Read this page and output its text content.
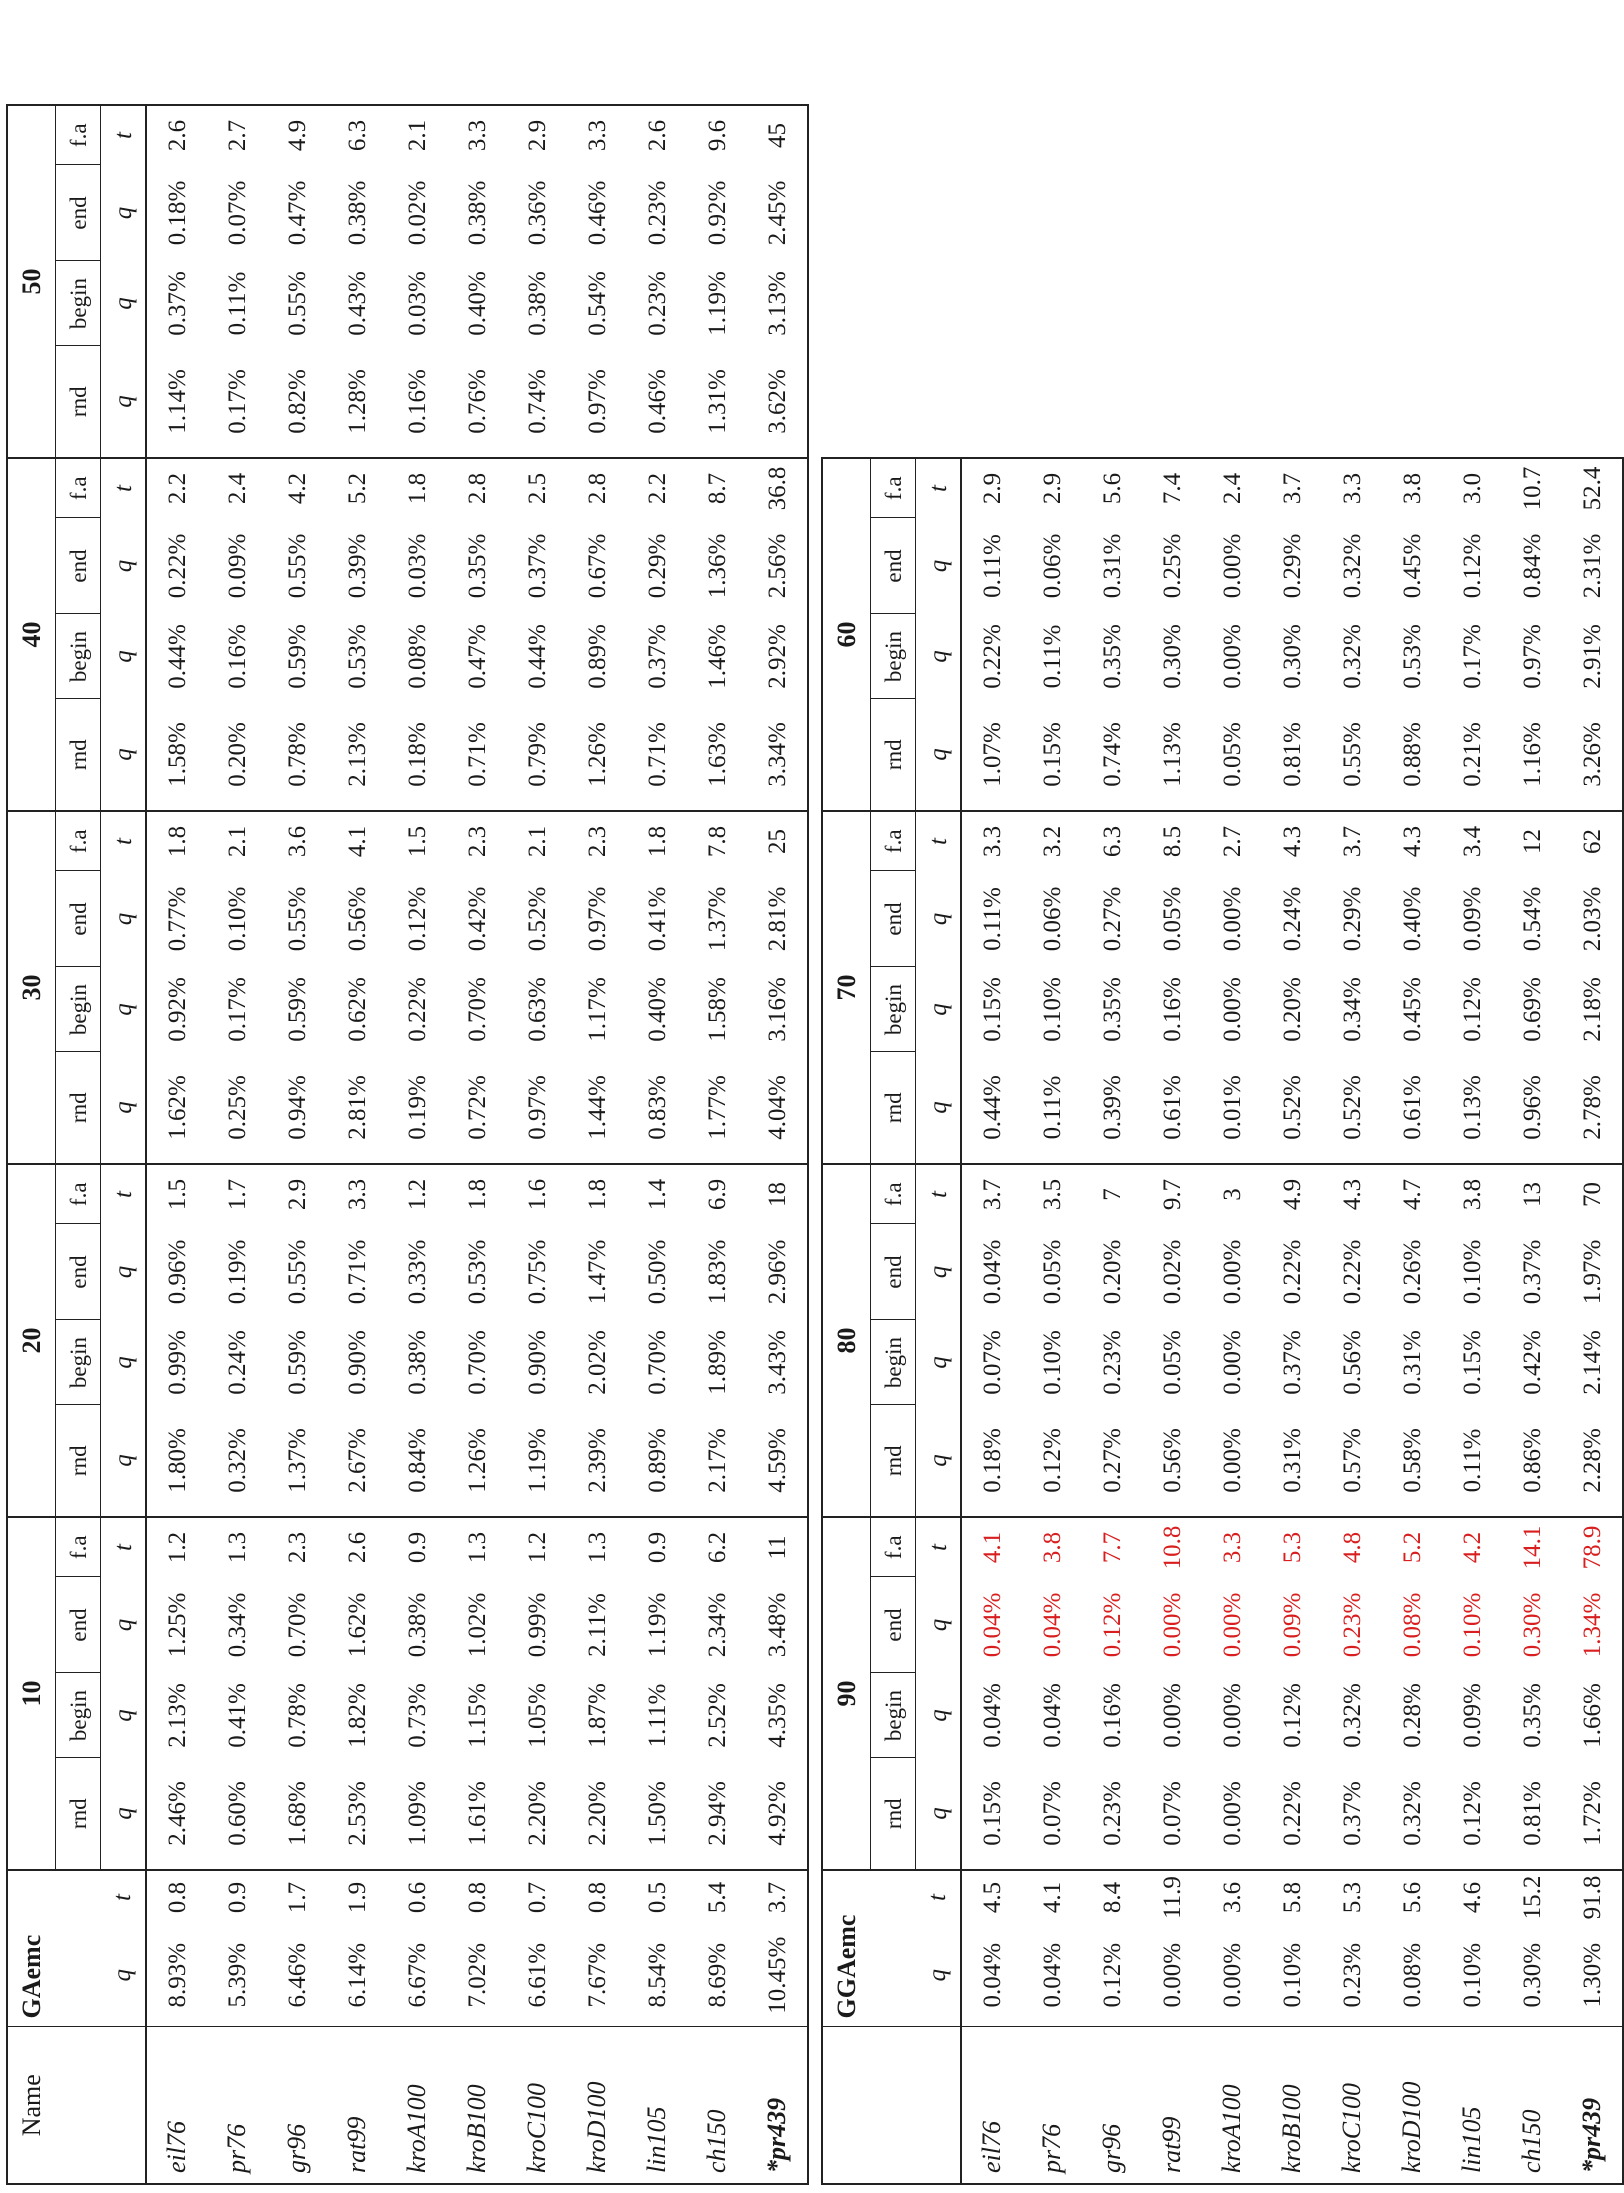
Name	GAemc		10				20				30				40				50			
			rnd	begin	end	f.a	rnd	begin	end	f.a	rnd	begin	end	f.a	rnd	begin	end	f.a	rnd	begin	end	f.a
	q	t	q	q	q	t	q	q	q	t	q	q	q	t	q	q	q	t	q	q	q	t
eil76	8.93%	0.8	2.46%	2.13%	1.25%	1.2	1.80%	0.99%	0.96%	1.5	1.62%	0.92%	0.77%	1.8	1.58%	0.44%	0.22%	2.2	1.14%	0.37%	0.18%	2.6
pr76	5.39%	0.9	0.60%	0.41%	0.34%	1.3	0.32%	0.24%	0.19%	1.7	0.25%	0.17%	0.10%	2.1	0.20%	0.16%	0.09%	2.4	0.17%	0.11%	0.07%	2.7
gr96	6.46%	1.7	1.68%	0.78%	0.70%	2.3	1.37%	0.59%	0.55%	2.9	0.94%	0.59%	0.55%	3.6	0.78%	0.59%	0.55%	4.2	0.82%	0.55%	0.47%	4.9
rat99	6.14%	1.9	2.53%	1.82%	1.62%	2.6	2.67%	0.90%	0.71%	3.3	2.81%	0.62%	0.56%	4.1	2.13%	0.53%	0.39%	5.2	1.28%	0.43%	0.38%	6.3
kroA100	6.67%	0.6	1.09%	0.73%	0.38%	0.9	0.84%	0.38%	0.33%	1.2	0.19%	0.22%	0.12%	1.5	0.18%	0.08%	0.03%	1.8	0.16%	0.03%	0.02%	2.1
kroB100	7.02%	0.8	1.61%	1.15%	1.02%	1.3	1.26%	0.70%	0.53%	1.8	0.72%	0.70%	0.42%	2.3	0.71%	0.47%	0.35%	2.8	0.76%	0.40%	0.38%	3.3
kroC100	6.61%	0.7	2.20%	1.05%	0.99%	1.2	1.19%	0.90%	0.75%	1.6	0.97%	0.63%	0.52%	2.1	0.79%	0.44%	0.37%	2.5	0.74%	0.38%	0.36%	2.9
kroD100	7.67%	0.8	2.20%	1.87%	2.11%	1.3	2.39%	2.02%	1.47%	1.8	1.44%	1.17%	0.97%	2.3	1.26%	0.89%	0.67%	2.8	0.97%	0.54%	0.46%	3.3
lin105	8.54%	0.5	1.50%	1.11%	1.19%	0.9	0.89%	0.70%	0.50%	1.4	0.83%	0.40%	0.41%	1.8	0.71%	0.37%	0.29%	2.2	0.46%	0.23%	0.23%	2.6
ch150	8.69%	5.4	2.94%	2.52%	2.34%	6.2	2.17%	1.89%	1.83%	6.9	1.77%	1.58%	1.37%	7.8	1.63%	1.46%	1.36%	8.7	1.31%	1.19%	0.92%	9.6
*pr439	10.45%	3.7	4.92%	4.35%	3.48%	11	4.59%	3.43%	2.96%	18	4.04%	3.16%	2.81%	25	3.34%	2.92%	2.56%	36.8	3.62%	3.13%	2.45%	45

	GGAemc		90				80				70				60							
			rnd	begin	end	f.a	rnd	begin	end	f.a	rnd	begin	end	f.a	rnd	begin	end	f.a				
	q	t	q	q	q	t	q	q	q	t	q	q	q	t	q	q	q	t				
eil76	0.04%	4.5	0.15%	0.04%	0.04%	4.1	0.18%	0.07%	0.04%	3.7	0.44%	0.15%	0.11%	3.3	1.07%	0.22%	0.11%	2.9				
pr76	0.04%	4.1	0.07%	0.04%	0.04%	3.8	0.12%	0.10%	0.05%	3.5	0.11%	0.10%	0.06%	3.2	0.15%	0.11%	0.06%	2.9				
gr96	0.12%	8.4	0.23%	0.16%	0.12%	7.7	0.27%	0.23%	0.20%	7	0.39%	0.35%	0.27%	6.3	0.74%	0.35%	0.31%	5.6				
rat99	0.00%	11.9	0.07%	0.00%	0.00%	10.8	0.56%	0.05%	0.02%	9.7	0.61%	0.16%	0.05%	8.5	1.13%	0.30%	0.25%	7.4				
kroA100	0.00%	3.6	0.00%	0.00%	0.00%	3.3	0.00%	0.00%	0.00%	3	0.01%	0.00%	0.00%	2.7	0.05%	0.00%	0.00%	2.4				
kroB100	0.10%	5.8	0.22%	0.12%	0.09%	5.3	0.31%	0.37%	0.22%	4.9	0.52%	0.20%	0.24%	4.3	0.81%	0.30%	0.29%	3.7				
kroC100	0.23%	5.3	0.37%	0.32%	0.23%	4.8	0.57%	0.56%	0.22%	4.3	0.52%	0.34%	0.29%	3.7	0.55%	0.32%	0.32%	3.3				
kroD100	0.08%	5.6	0.32%	0.28%	0.08%	5.2	0.58%	0.31%	0.26%	4.7	0.61%	0.45%	0.40%	4.3	0.88%	0.53%	0.45%	3.8				
lin105	0.10%	4.6	0.12%	0.09%	0.10%	4.2	0.11%	0.15%	0.10%	3.8	0.13%	0.12%	0.09%	3.4	0.21%	0.17%	0.12%	3.0				
ch150	0.30%	15.2	0.81%	0.35%	0.30%	14.1	0.86%	0.42%	0.37%	13	0.96%	0.69%	0.54%	12	1.16%	0.97%	0.84%	10.7				
*pr439	1.30%	91.8	1.72%	1.66%	1.34%	78.9	2.28%	2.14%	1.97%	70	2.78%	2.18%	2.03%	62	3.26%	2.91%	2.31%	52.4				
